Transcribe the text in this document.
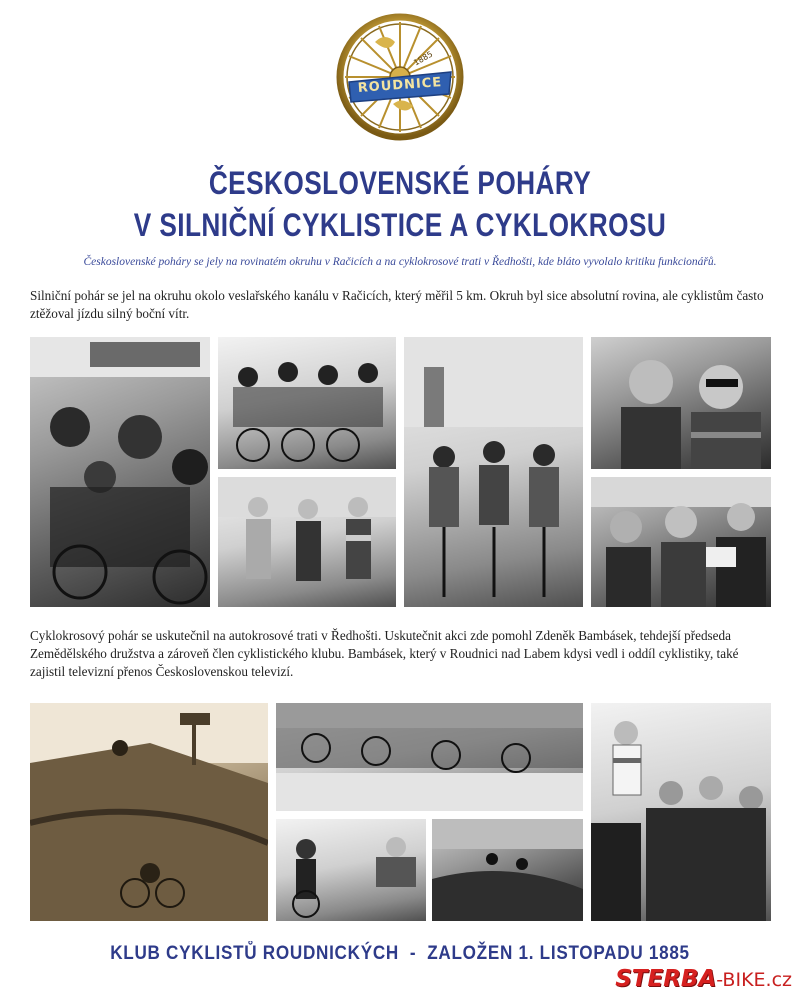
ROUDNICE
1885
ČESKOSLOVENSKÉ POHÁRY
V SILNIČNÍ CYKLISTICE A CYKLOKROSU
Československé poháry se jely na rovinatém okruhu v Račicích a na cyklokrosové trati v Ředhošti, kde bláto vyvolalo kritiku funkcionářů.
Silniční pohár se jel na okruhu okolo veslařského kanálu v Račicích, který měřil 5 km. Okruh byl sice absolutní rovina, ale cyklistům často ztěžoval jízdu silný boční vítr.
Cyklokrosový pohár se uskutečnil na autokrosové trati v Ředhošti. Uskutečnit akci zde pomohl Zdeněk Bambásek, tehdejší předseda Zemědělského družstva a zároveň člen cyklistického klubu. Bambásek, který v Roudnici nad Labem kdysi vedl i oddíl cyklistiky, také zajistil televizní přenos Československou televizí.
KLUB CYKLISTŮ ROUDNICKÝCH  -  ZALOŽEN 1. LISTOPADU 1885
STERBA-BIKE.cz
